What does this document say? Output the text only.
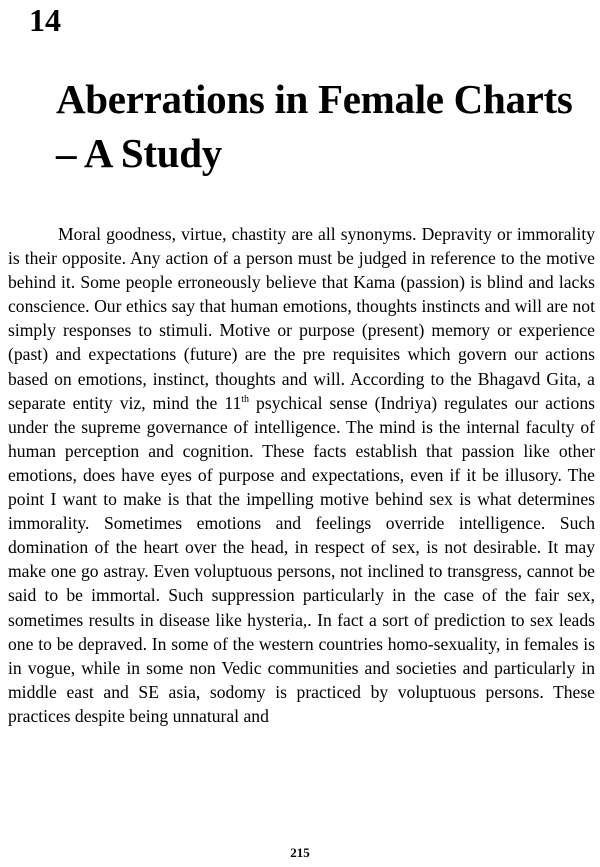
14
Aberrations in Female Charts – A Study

Moral goodness, virtue, chastity are all synonyms. Depravity or immorality is their opposite. Any action of a person must be judged in reference to the motive behind it. Some people erroneously believe that Kama (passion) is blind and lacks conscience. Our ethics say that human emotions, thoughts instincts and will are not simply responses to stimuli. Motive or purpose (present) memory or experience (past) and expectations (future) are the pre requisites which govern our actions based on emotions, instinct, thoughts and will. According to the Bhagavd Gita, a separate entity viz, mind the 11th psychical sense (Indriya) regulates our actions under the supreme governance of intelligence. The mind is the internal faculty of human perception and cognition. These facts establish that passion like other emotions, does have eyes of purpose and expectations, even if it be illusory. The point I want to make is that the impelling motive behind sex is what determines immorality. Sometimes emotions and feelings override intelligence. Such domination of the heart over the head, in respect of sex, is not desirable. It may make one go astray. Even voluptuous persons, not inclined to transgress, cannot be said to be immortal. Such suppression particularly in the case of the fair sex, sometimes results in disease like hysteria,. In fact a sort of prediction to sex leads one to be depraved. In some of the western countries homo-sexuality, in females is in vogue, while in some non Vedic communities and societies and particularly in middle east and SE asia, sodomy is practiced by voluptuous persons. These practices despite being unnatural and

215
